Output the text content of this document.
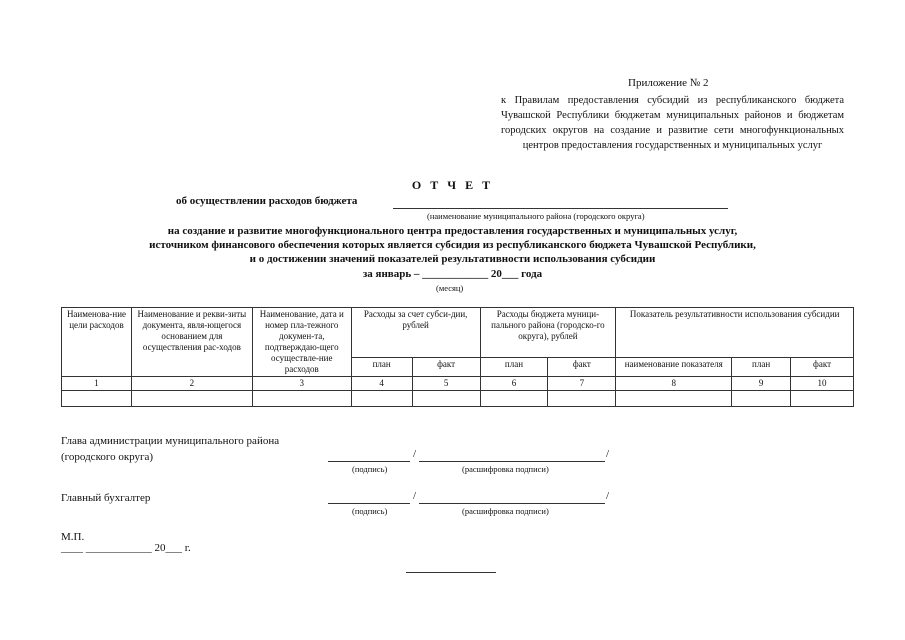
Приложение № 2
к Правилам предоставления субсидий из республиканского бюджета Чувашской Республики бюджетам муниципальных районов и бюджетам городских округов на создание и развитие сети многофункциональных центров предоставления государственных и муниципальных услуг
О Т Ч Е Т
об осуществлении расходов бюджета
(наименование муниципального района (городского округа)
на создание и развитие многофункционального центра предоставления государственных и муниципальных услуг,
источником финансового обеспечения которых является субсидия из республиканского бюджета Чувашской Республики,
и о достижении значений показателей результативности использования субсидии
за январь – ____________ 20___ года
(месяц)
Наименова-ние цели расходов	Наименование и рекви-зиты документа, явля-ющегося основанием для осуществления рас-ходов	Наименование, дата и номер пла-тежного докумен-та, подтверждаю-щего осуществле-ние расходов	Расходы за счет субси-дии, рублей		Расходы бюджета муници-пального района (городско-го округа), рублей		Показатель результативности использования субсидии		
			план	факт	план	факт	наименование показателя	план	факт
1	2	3	4	5	6	7	8	9	10

Глава администрации муниципального района
(городского округа)	/	/
(подпись)	(расшифровка подписи)
Главный бухгалтер	/	/
(подпись)	(расшифровка подписи)
М.П.
____ ____________ 20___ г.
